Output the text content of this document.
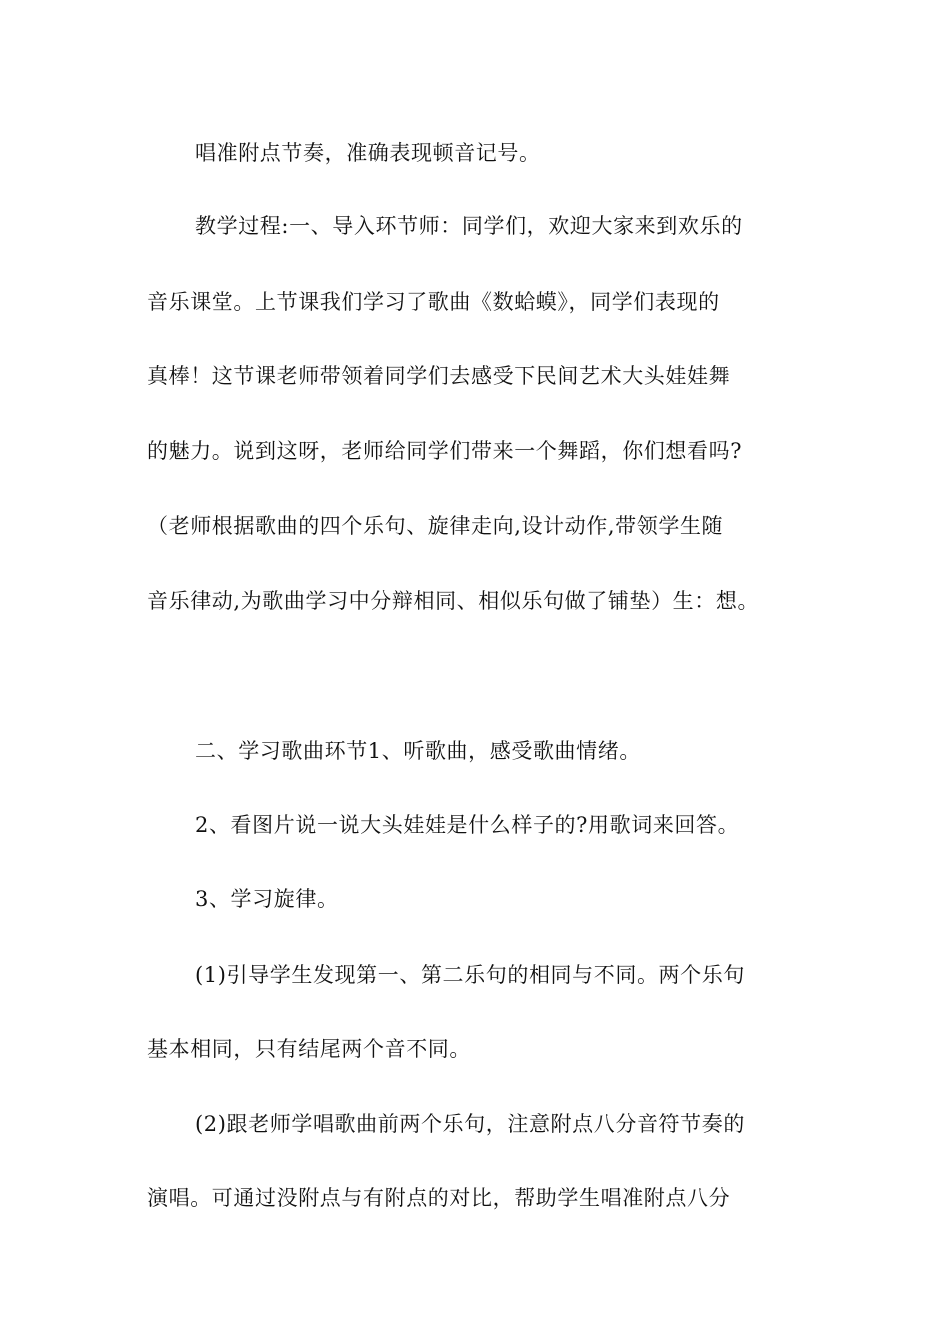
唱准附点节奏，准确表现顿音记号。
教学过程:一、导入环节师：同学们，欢迎大家来到欢乐的
音乐课堂。上节课我们学习了歌曲《数蛤蟆》，同学们表现的
真棒！这节课老师带领着同学们去感受下民间艺术大头娃娃舞
的魅力。说到这呀，老师给同学们带来一个舞蹈，你们想看吗?
（老师根据歌曲的四个乐句、旋律走向,设计动作,带领学生随
音乐律动,为歌曲学习中分辩相同、相似乐句做了铺垫）生：想。
二、学习歌曲环节1、听歌曲，感受歌曲情绪。
2、看图片说一说大头娃娃是什么样子的?用歌词来回答。
3、学习旋律。
(1)引导学生发现第一、第二乐句的相同与不同。两个乐句
基本相同，只有结尾两个音不同。
(2)跟老师学唱歌曲前两个乐句，注意附点八分音符节奏的
演唱。可通过没附点与有附点的对比，帮助学生唱准附点八分
